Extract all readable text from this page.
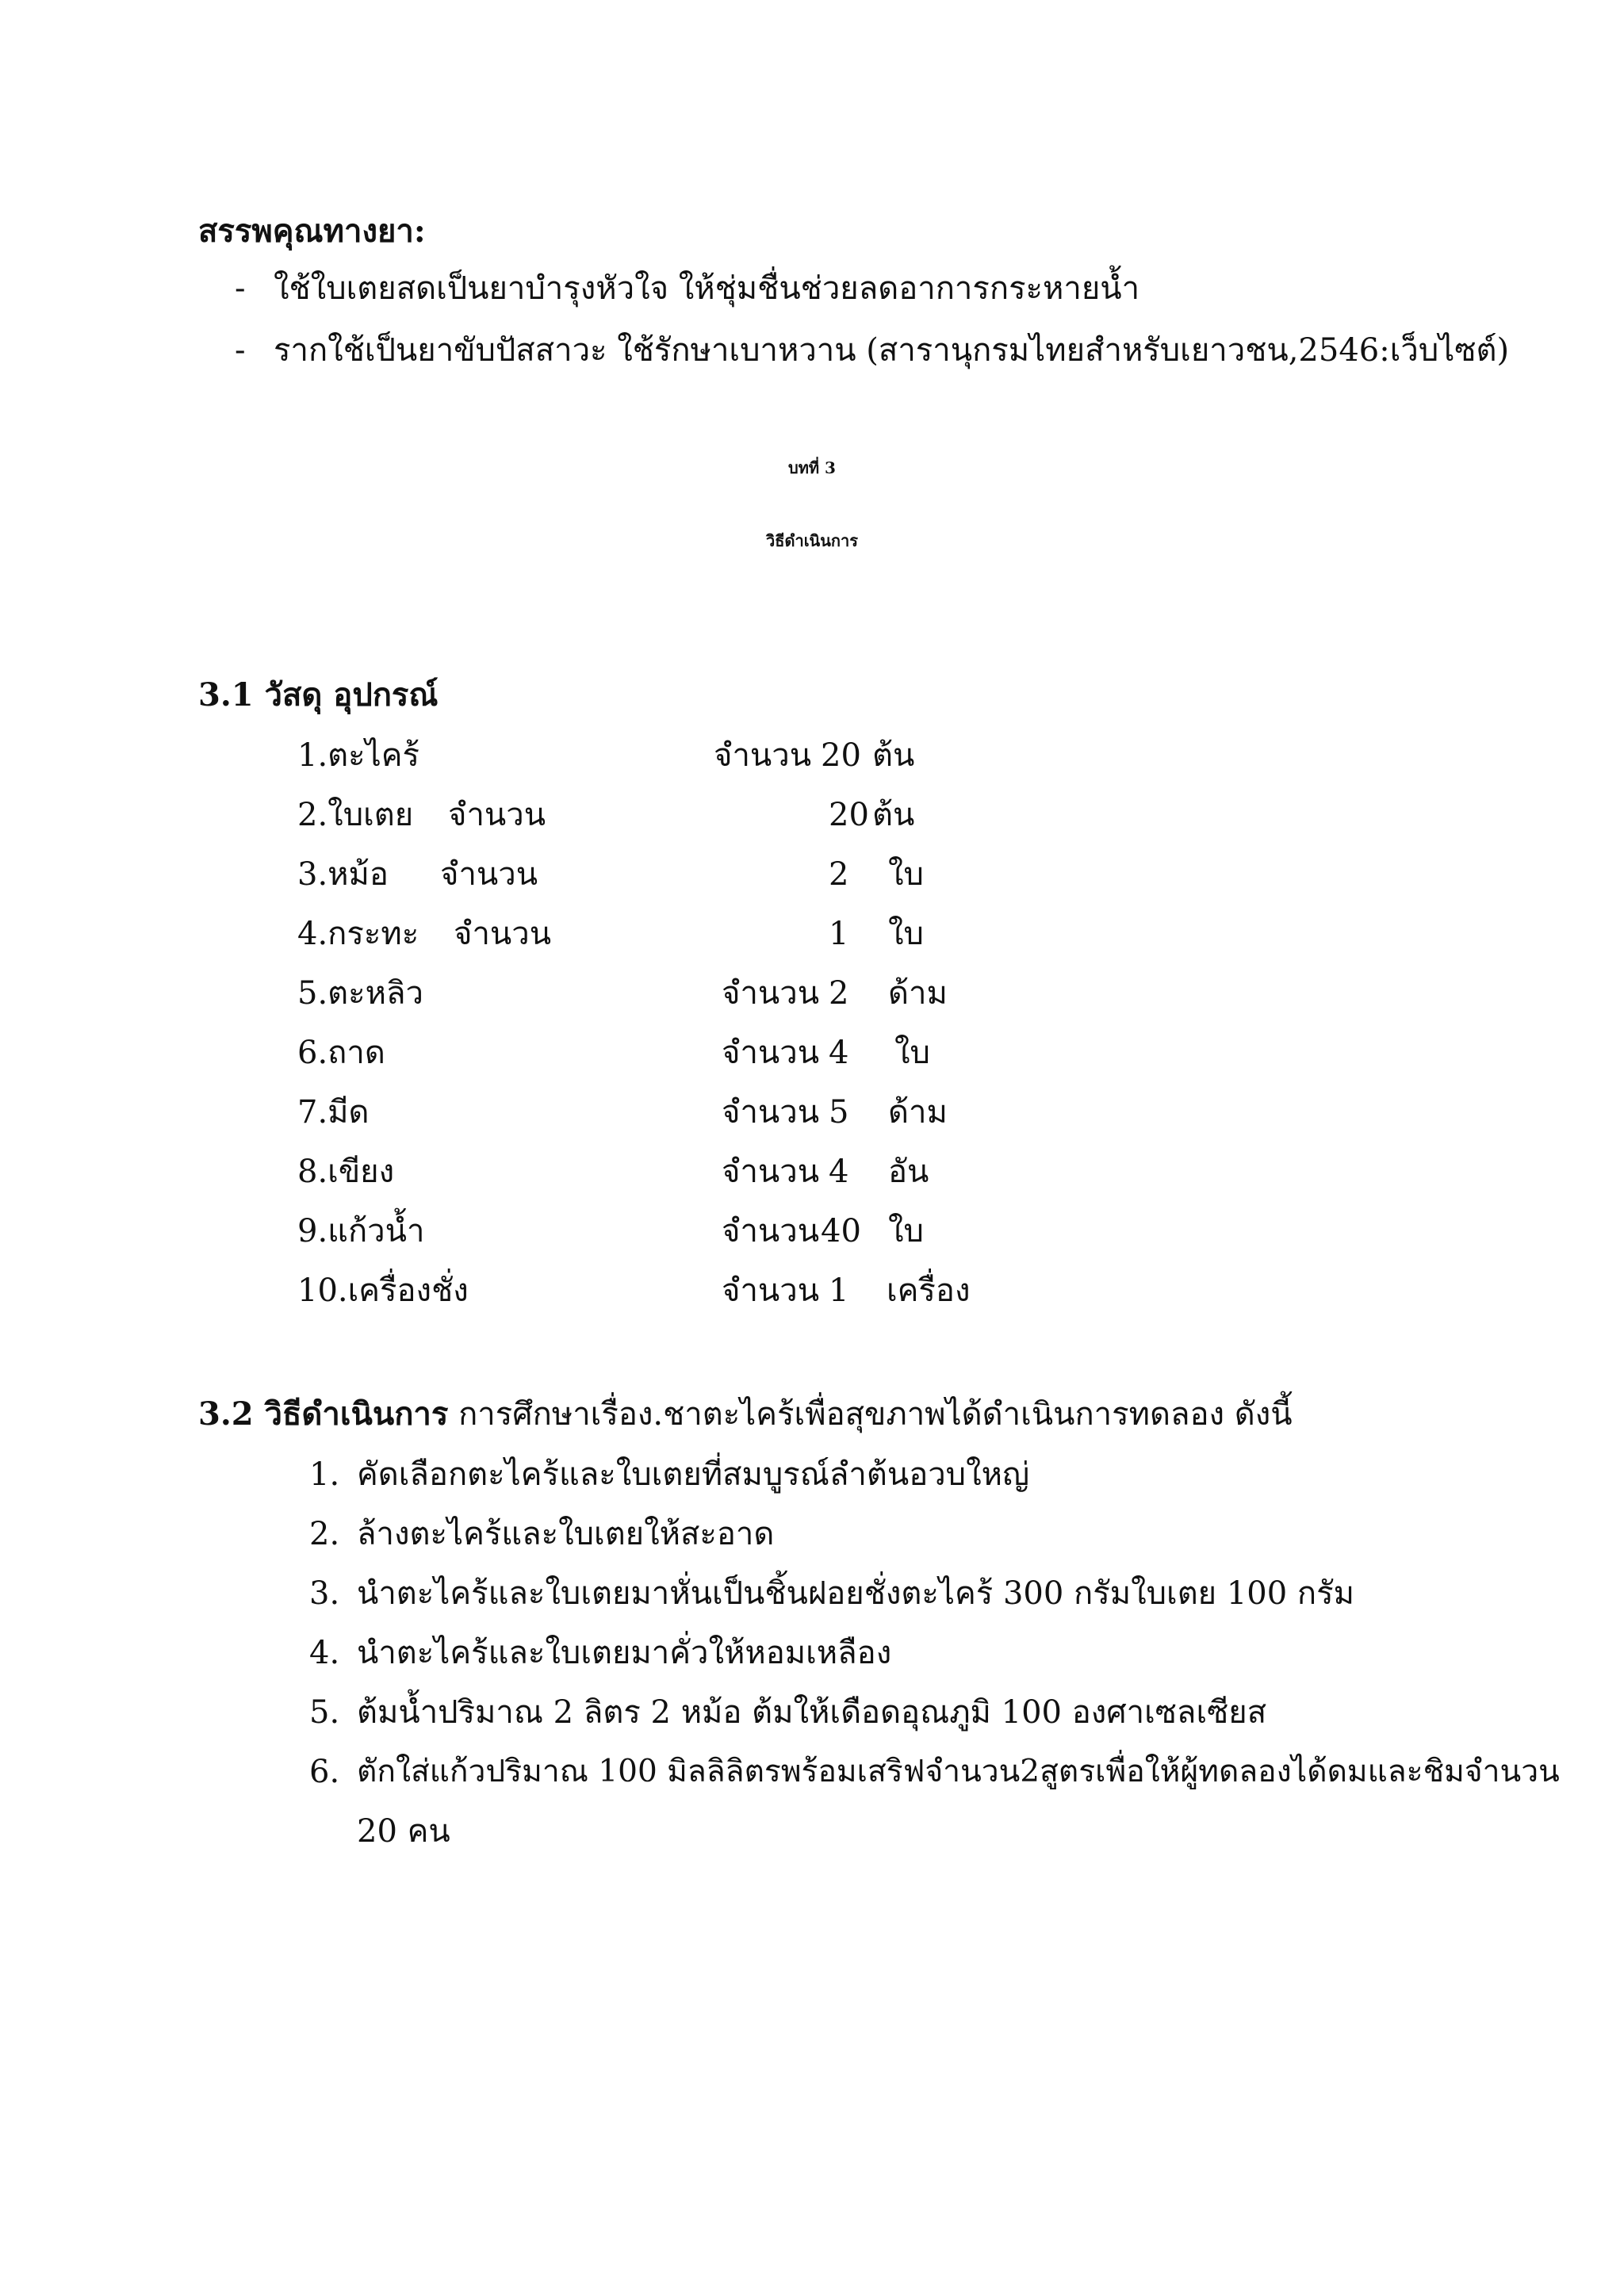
สรรพคุณทางยา:
- ใช้ใบเตยสดเป็นยาบำรุงหัวใจ ให้ชุ่มชื่นช่วยลดอาการกระหายน้ำ
- รากใช้เป็นยาขับปัสสาวะ ใช้รักษาเบาหวาน (สารานุกรมไทยสำหรับเยาวชน,2546:เว็บไซต์)
บทที่ 3
วิธีดำเนินการ
3.1 วัสดุ อุปกรณ์
1.ตะไคร้	จำนวน 20 ต้น
2.ใบเตย จำนวน	20 ต้น
3.หม้อ จำนวน	2 ใบ
4.กระทะ จำนวน	1 ใบ
5.ตะหลิว	จำนวน 2 ด้าม
6.ถาด	จำนวน 4 ใบ
7.มีด	จำนวน 5 ด้าม
8.เขียง	จำนวน 4 อัน
9.แก้วน้ำ	จำนวน 40 ใบ
10.เครื่องชั่ง	จำนวน 1 เครื่อง
3.2 วิธีดำเนินการ การศึกษาเรื่อง.ชาตะไคร้เพื่อสุขภาพได้ดำเนินการทดลอง ดังนี้
1. คัดเลือกตะไคร้และใบเตยที่สมบูรณ์ลำต้นอวบใหญ่
2. ล้างตะไคร้และใบเตยให้สะอาด
3. นำตะไคร้และใบเตยมาหั่นเป็นชิ้นฝอยชั่งตะไคร้ 300 กรัมใบเตย 100 กรัม
4. นำตะไคร้และใบเตยมาคั่วให้หอมเหลือง
5. ต้มน้ำปริมาณ 2 ลิตร 2 หม้อ ต้มให้เดือดอุณภูมิ 100 องศาเซลเซียส
6. ตักใส่แก้วปริมาณ 100 มิลลิลิตรพร้อมเสริฟจำนวน2สูตรเพื่อให้ผู้ทดลองได้ดมและชิมจำนวน
20 คน
